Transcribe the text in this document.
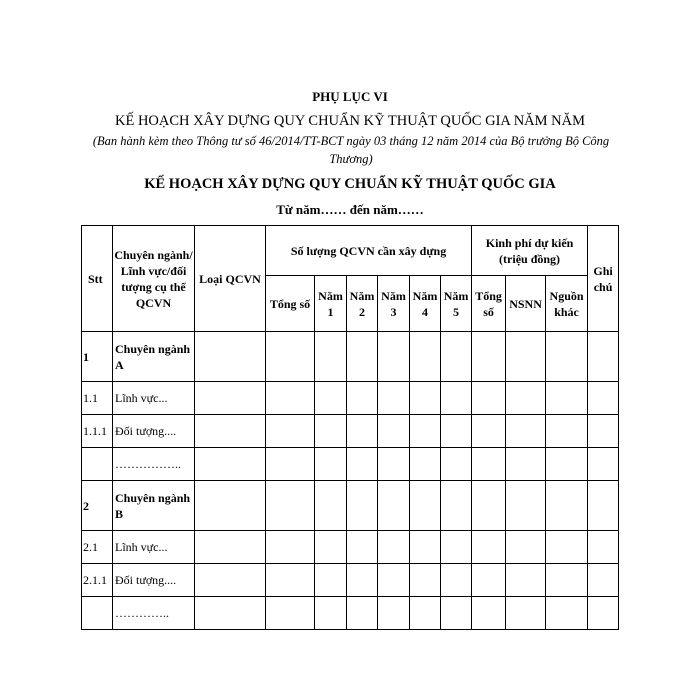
PHỤ LỤC VI
KẾ HOẠCH XÂY DỰNG QUY CHUẨN KỸ THUẬT QUỐC GIA NĂM NĂM
(Ban hành kèm theo Thông tư số 46/2014/TT-BCT ngày 03 tháng 12 năm 2014 của Bộ trưởng Bộ Công Thương)
KẾ HOẠCH XÂY DỰNG QUY CHUẨN KỸ THUẬT QUỐC GIA
Từ năm…… đến năm……
Stt	Chuyên ngành/ Lĩnh vực/đối tượng cụ thể QCVN	Loại QCVN	Số lượng QCVN cần xây dựng						Kinh phí dự kiến (triệu đồng)			Ghi chú
			Tổng số	Năm 1	Năm 2	Năm 3	Năm 4	Năm 5	Tổng số	NSNN	Nguồn khác	
1	Chuyên ngành A											
1.1	Lĩnh vực...											
1.1.1	Đối tượng....											
	……………..											
2	Chuyên ngành B											
2.1	Lĩnh vực...											
2.1.1	Đối tượng....											
	…………..											
